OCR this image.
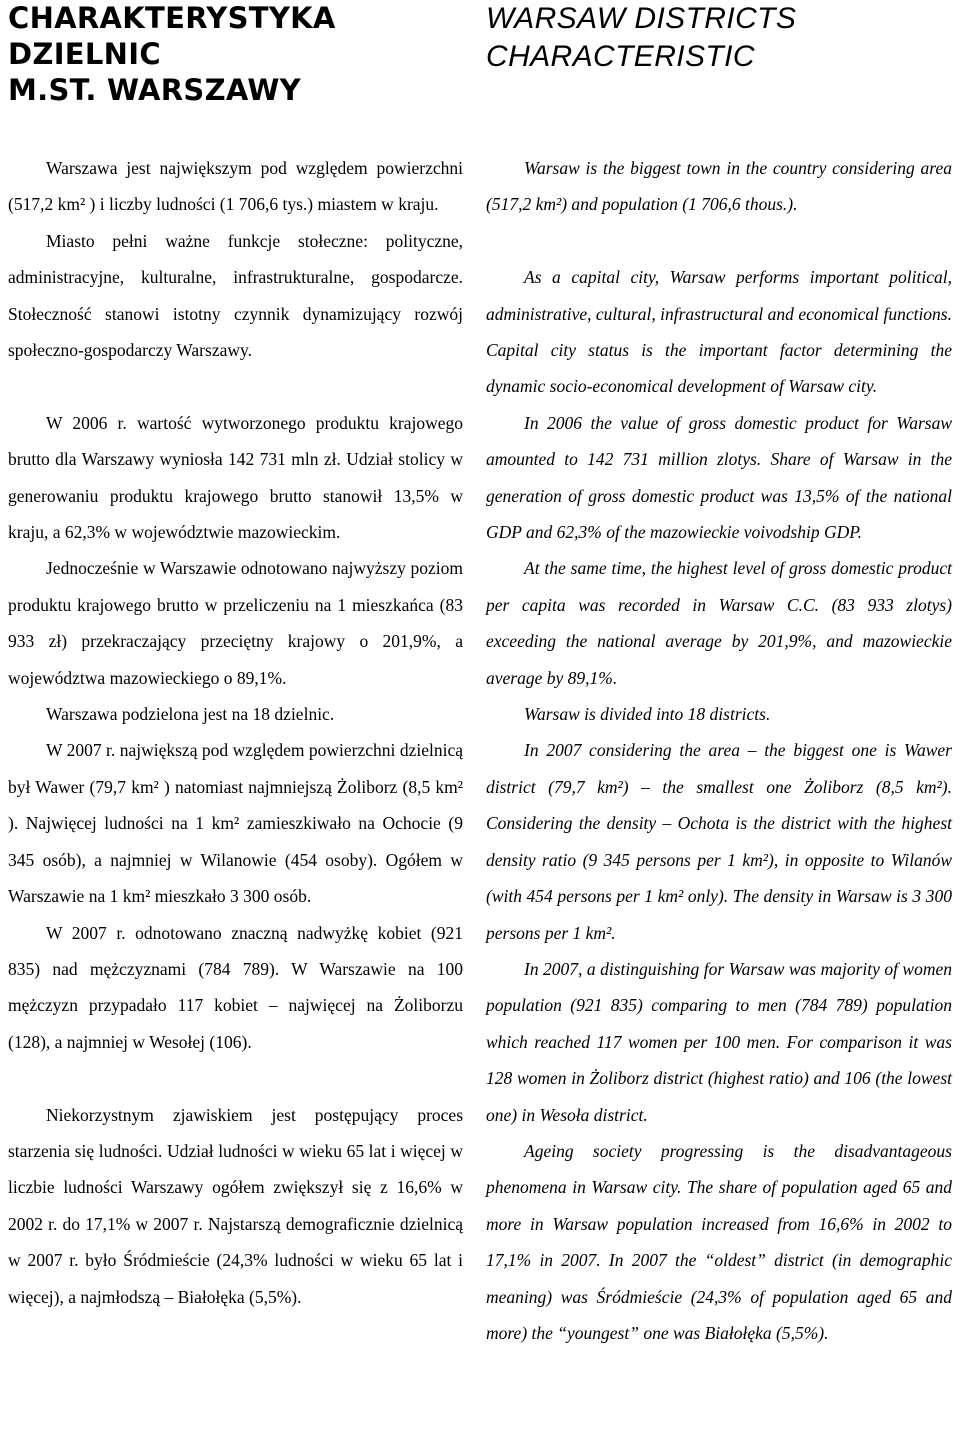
CHARAKTERYSTYKA
DZIELNIC
M.ST. WARSZAWY

Warszawa jest największym pod względem powierzchni (517,2 km² ) i liczby ludności (1 706,6 tys.) miastem w kraju.

Miasto pełni ważne funkcje stołeczne: polityczne, administracyjne, kulturalne, infrastrukturalne, gospodarcze. Stołeczność stanowi istotny czynnik dynamizujący rozwój społeczno-gospodarczy Warszawy.

W 2006 r. wartość wytworzonego produktu krajowego brutto dla Warszawy wyniosła 142 731 mln zł. Udział stolicy w generowaniu produktu krajowego brutto stanowił 13,5% w kraju, a 62,3% w województwie mazowieckim.

Jednocześnie w Warszawie odnotowano najwyższy poziom produktu krajowego brutto w przeliczeniu na 1 mieszkańca (83 933 zł) przekraczający przeciętny krajowy o 201,9%, a województwa mazowieckiego o 89,1%.

Warszawa podzielona jest na 18 dzielnic.

W 2007 r. największą pod względem powierzchni dzielnicą był Wawer (79,7 km² ) natomiast najmniejszą Żoliborz (8,5 km² ). Najwięcej ludności na 1 km² zamieszkiwało na Ochocie (9 345 osób), a najmniej w Wilanowie (454 osoby). Ogółem w Warszawie na 1 km² mieszkało 3 300 osób.

W 2007 r. odnotowano znaczną nadwyżkę kobiet (921 835) nad mężczyznami (784 789). W Warszawie na 100 mężczyzn przypadało 117 kobiet – najwięcej na Żoliborzu (128), a najmniej w Wesołej (106).

Niekorzystnym zjawiskiem jest postępujący proces starzenia się ludności. Udział ludności w wieku 65 lat i więcej w liczbie ludności Warszawy ogółem zwiększył się z 16,6% w 2002 r. do 17,1% w 2007 r. Najstarszą demograficznie dzielnicą w 2007 r. było Śródmieście (24,3% ludności w wieku 65 lat i więcej), a najmłodszą – Białołęka (5,5%).

WARSAW DISTRICTS
CHARACTERISTIC

Warsaw is the biggest town in the country considering area (517,2 km²) and population (1 706,6 thous.).

As a capital city, Warsaw performs important political, administrative, cultural, infrastructural and economical functions. Capital city status is the important factor determining the dynamic socio-economical development of Warsaw city.

In 2006 the value of gross domestic product for Warsaw amounted to 142 731 million zlotys. Share of Warsaw in the generation of gross domestic product was 13,5% of the national GDP and 62,3% of the mazowieckie voivodship GDP.

At the same time, the highest level of gross domestic product per capita was recorded in Warsaw C.C. (83 933 zlotys) exceeding the national average by 201,9%, and mazowieckie average by 89,1%.

Warsaw is divided into 18 districts.

In 2007 considering the area – the biggest one is Wawer district (79,7 km²) – the smallest one Żoliborz (8,5 km²). Considering the density – Ochota is the district with the highest density ratio (9 345 persons per 1 km²), in opposite to Wilanów (with 454 persons per 1 km² only). The density in Warsaw is 3 300 persons per 1 km².

In 2007, a distinguishing for Warsaw was majority of women population (921 835) comparing to men (784 789) population which reached 117 women per 100 men. For comparison it was 128 women in Żoliborz district (highest ratio) and 106 (the lowest one) in Wesoła district.

Ageing society progressing is the disadvantageous phenomena in Warsaw city. The share of population aged 65 and more in Warsaw population increased from 16,6% in 2002 to 17,1% in 2007. In 2007 the “oldest” district (in demographic meaning) was Śródmieście (24,3% of population aged 65 and more) the “youngest” one was Białołęka (5,5%).
